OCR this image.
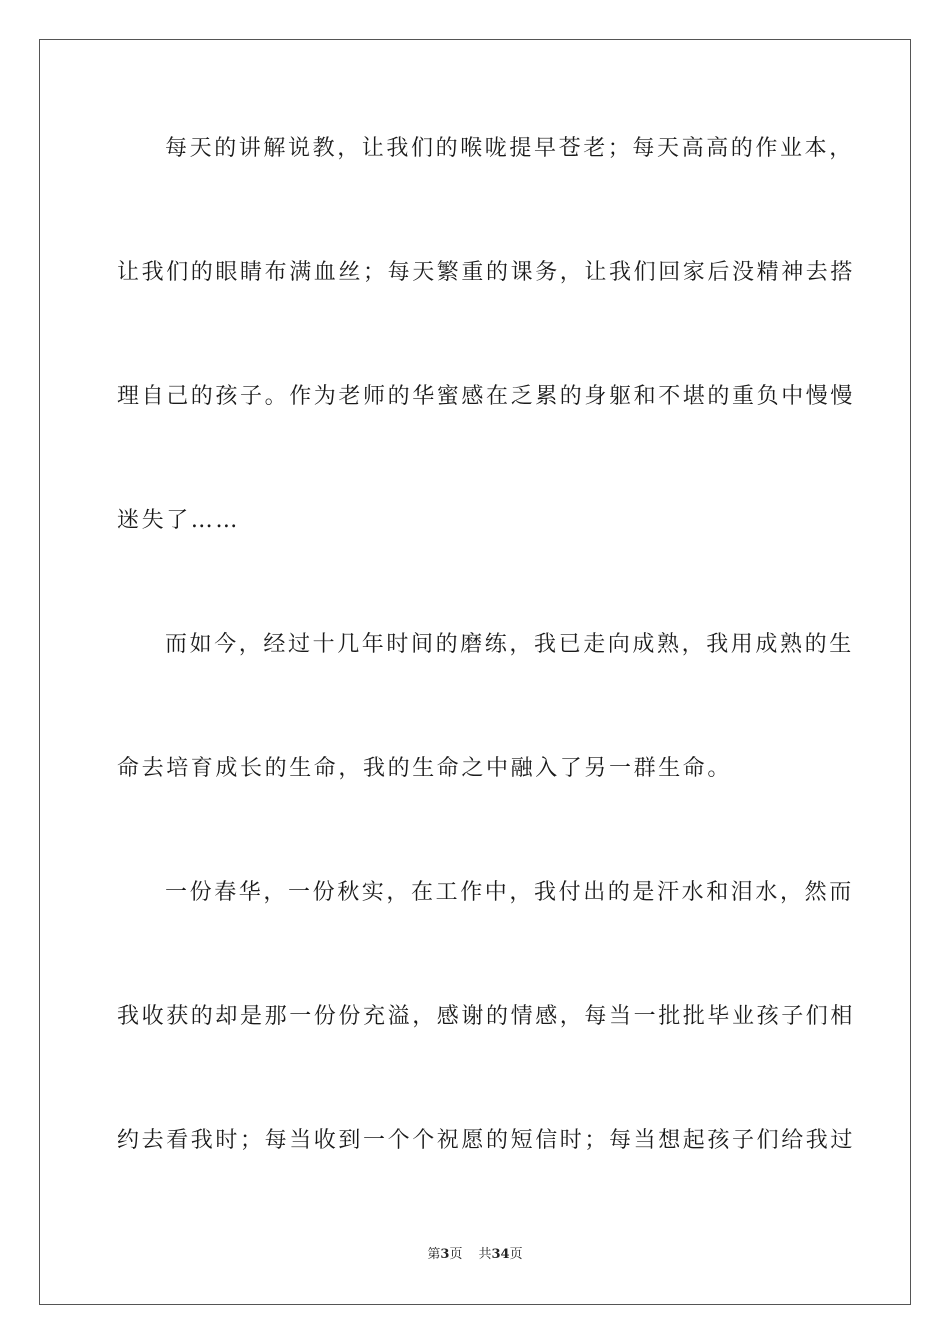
每天的讲解说教，让我们的喉咙提早苍老；每天高高的作业本，
让我们的眼睛布满血丝；每天繁重的课务，让我们回家后没精神去搭
理自己的孩子。作为老师的华蜜感在乏累的身躯和不堪的重负中慢慢
迷失了……
而如今，经过十几年时间的磨练，我已走向成熟，我用成熟的生
命去培育成长的生命，我的生命之中融入了另一群生命。
一份春华，一份秋实，在工作中，我付出的是汗水和泪水，然而
我收获的却是那一份份充溢，感谢的情感，每当一批批毕业孩子们相
约去看我时；每当收到一个个祝愿的短信时；每当想起孩子们给我过
第3页 共34页
